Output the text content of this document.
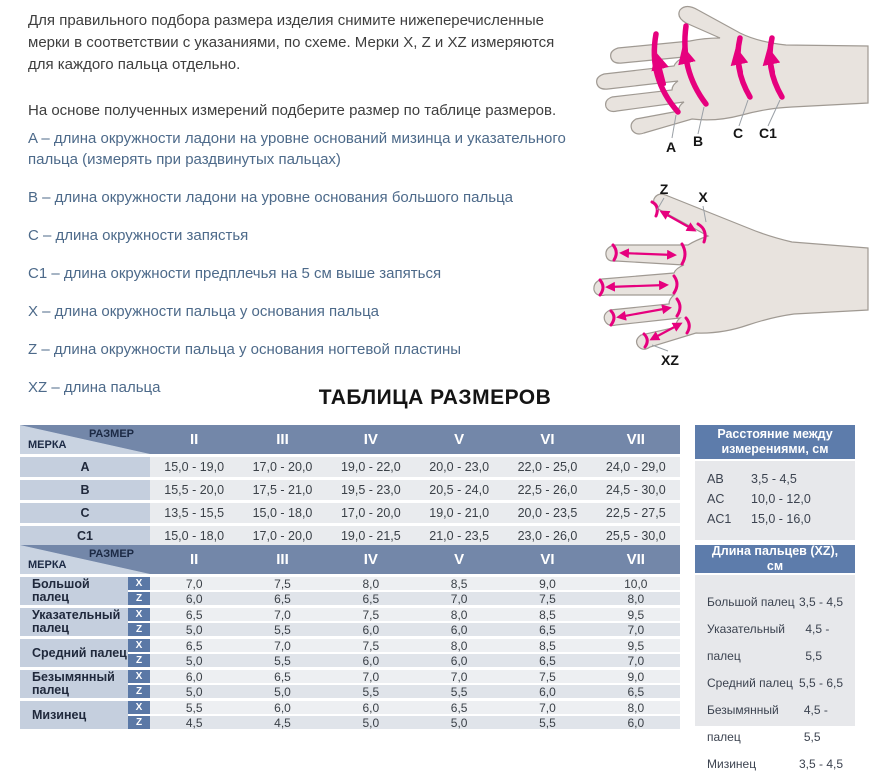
Для правильного подбора размера изделия снимите нижеперечисленные мерки в соответствии с указаниями, по схеме. Мерки X, Z и XZ измеряются для каждого пальца отдельно.

На основе полученных измерений подберите размер по таблице размеров.

A – длина окружности ладони на уровне оснований мизинца и указательного пальца (измерять при раздвинутых пальцах)

B – длина окружности ладони на уровне основания большого пальца

C – длина окружности запястья

C1 – длина окружности предплечья на 5 см выше запяться

X – длина окружности пальца у основания пальца

Z – длина окружности пальца у основания ногтевой пластины

XZ – длина пальца

A B C C1
Z X
XZ
ТАБЛИЦА РАЗМЕРОВ
РАЗМЕР
МЕРКА	II	III	IV	V	VI	VII
A	15,0 - 19,0	17,0 - 20,0	19,0 - 22,0	20,0 - 23,0	22,0 - 25,0	24,0 - 29,0
B	15,5 - 20,0	17,5 - 21,0	19,5 - 23,0	20,5 - 24,0	22,5 - 26,0	24,5 - 30,0
C	13,5 - 15,5	15,0 - 18,0	17,0 - 20,0	19,0 - 21,0	20,0 - 23,5	22,5 - 27,5
C1	15,0 - 18,0	17,0 - 20,0	19,0 - 21,5	21,0 - 23,5	23,0 - 26,0	25,5 - 30,0
Расстояние между измерениями, см
AB	3,5 - 4,5
AC	10,0 - 12,0
AC1	15,0 - 16,0
РАЗМЕР
МЕРКА	II	III	IV	V	VI	VII
Большой палец
X	7,0	7,5	8,0	8,5	9,0	10,0
Z	6,0	6,5	6,5	7,0	7,5	8,0
Указательный палец
X	6,5	7,0	7,5	8,0	8,5	9,5
Z	5,0	5,5	6,0	6,0	6,5	7,0
Средний палец X	6,5	7,0	7,5	8,0	8,5	9,5
Z	5,0	5,5	6,0	6,0	6,5	7,0
Безымянный палец
X	6,0	6,5	7,0	7,0	7,5	9,0
Z	5,0	5,0	5,5	5,5	6,0	6,5
Мизинец	X	5,5	6,0	6,0	6,5	7,0	8,0
Z	4,5	4,5	5,0	5,0	5,5	6,0
Длина пальцев (XZ), см
Большой палец 3,5 - 4,5
Указательный палец
4,5 - 5,5
Средний палец 5,5 - 6,5
Безымянный палец
4,5 - 5,5
Мизинец	3,5 - 4,5
